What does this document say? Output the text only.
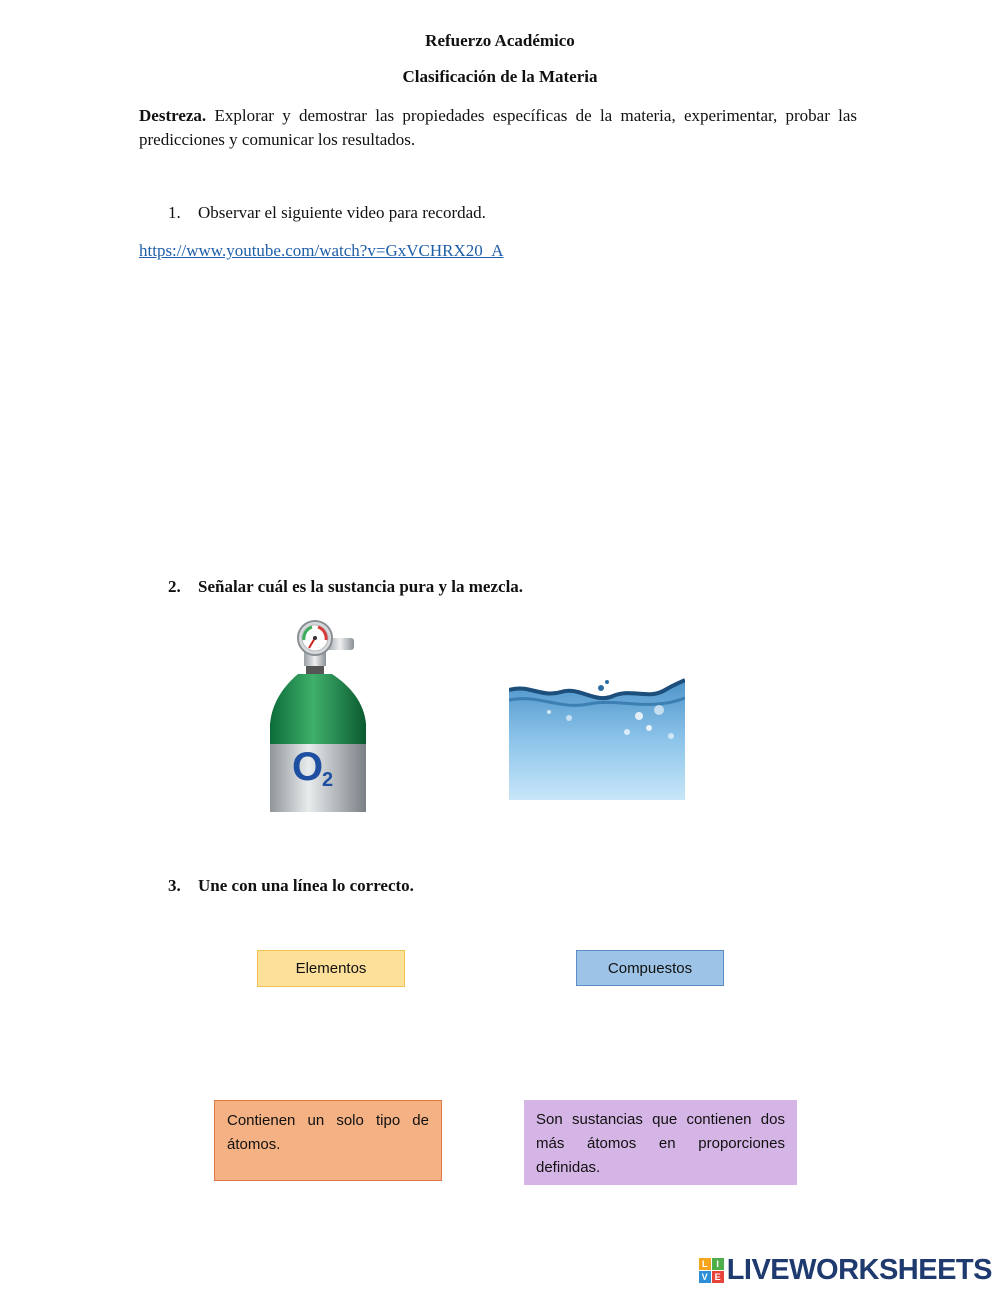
Refuerzo Académico
Clasificación de la Materia
Destreza. Explorar y demostrar las propiedades específicas de la materia, experimentar, probar las predicciones y comunicar los resultados.
1. Observar el siguiente video para recordad.
https://www.youtube.com/watch?v=GxVCHRX20_A
2. Señalar cuál es la sustancia pura y la mezcla.
O
2
3. Une con una línea lo correcto.
Elementos	Compuestos
Contienen un solo tipo de átomos.
Son sustancias que contienen dos más átomos en proporciones definidas.
L I
V E LIVEWORKSHEETS
